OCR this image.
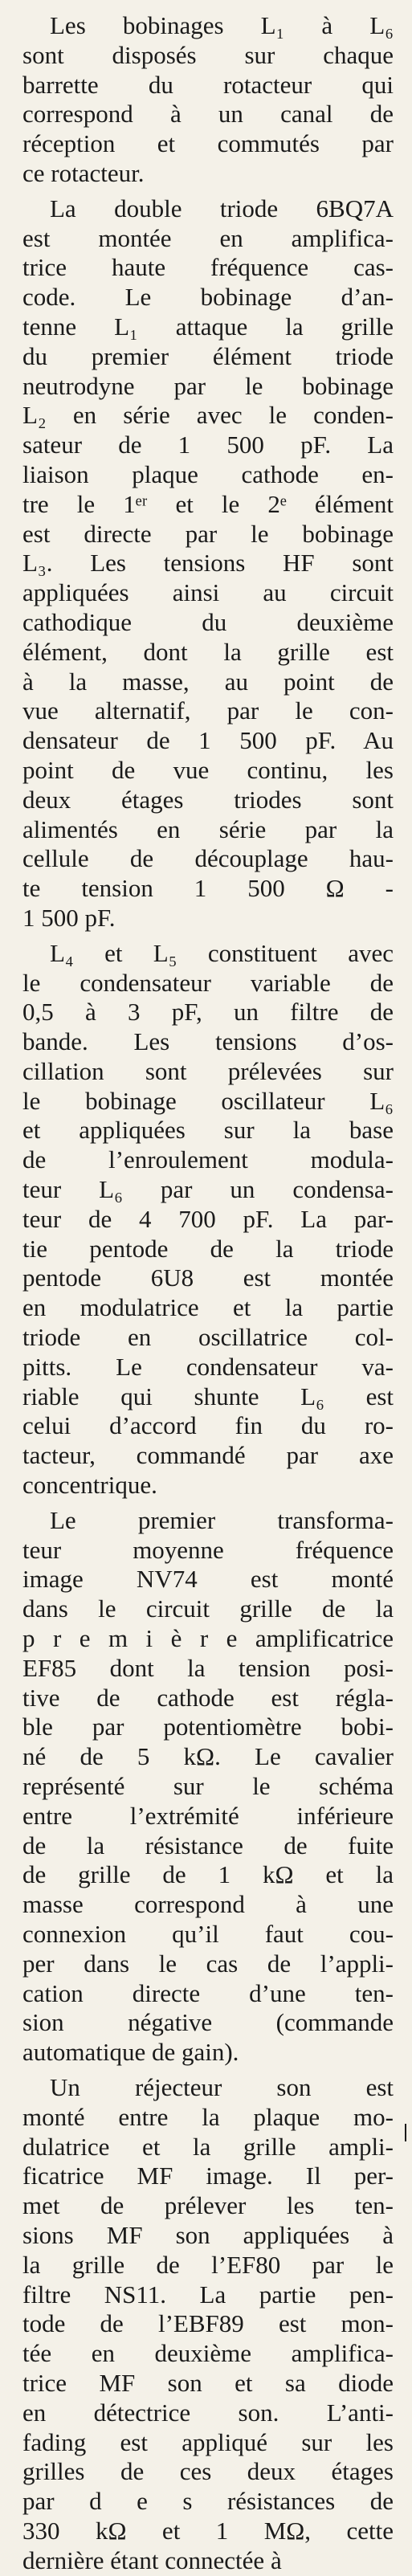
Les bobinages L₁ à L₆
sont disposés sur chaque
barrette du rotacteur qui
correspond à un canal de
réception et commutés par
ce rotacteur.
La double triode 6BQ7A
est montée en amplifica-
trice haute fréquence cas-
code. Le bobinage d’an-
tenne L₁ attaque la grille
du premier élément triode
neutrodyne par le bobinage
L₂ en série avec le conden-
sateur de 1 500 pF. La
liaison plaque cathode en-
tre le 1ᵉʳ et le 2ᵉ élément
est directe par le bobinage
L₃. Les tensions HF sont
appliquées ainsi au circuit
cathodique du deuxième
élément, dont la grille est
à la masse, au point de
vue alternatif, par le con-
densateur de 1 500 pF. Au
point de vue continu, les
deux étages triodes sont
alimentés en série par la
cellule de découplage hau-
te tension 1 500 Ω -
1 500 pF.
L₄ et L₅ constituent avec
le condensateur variable de
0,5 à 3 pF, un filtre de
bande. Les tensions d’os-
cillation sont prélevées sur
le bobinage oscillateur L₆
et appliquées sur la base
de l’enroulement modula-
teur L₆ par un condensa-
teur de 4 700 pF. La par-
tie pentode de la triode
pentode 6U8 est montée
en modulatrice et la partie
triode en oscillatrice col-
pitts. Le condensateur va-
riable qui shunte L₆ est
celui d’accord fin du ro-
tacteur, commandé par axe
concentrique.
Le premier transforma-
teur moyenne fréquence
image NV74 est monté
dans le circuit grille de la
p r e m i è r e amplificatrice
EF85 dont la tension posi-
tive de cathode est régla-
ble par potentiomètre bobi-
né de 5 kΩ. Le cavalier
représenté sur le schéma
entre l’extrémité inférieure
de la résistance de fuite
de grille de 1 kΩ et la
masse correspond à une
connexion qu’il faut cou-
per dans le cas de l’appli-
cation directe d’une ten-
sion négative (commande
automatique de gain).
Un réjecteur son est
monté entre la plaque mo-
dulatrice et la grille ampli-
ficatrice MF image. Il per-
met de prélever les ten-
sions MF son appliquées à
la grille de l’EF80 par le
filtre NS11. La partie pen-
tode de l’EBF89 est mon-
tée en deuxième amplifica-
trice MF son et sa diode
en détectrice son. L’anti-
fading est appliqué sur les
grilles de ces deux étages
par d e s résistances de
330 kΩ et 1 MΩ, cette
dernière étant connectée à
